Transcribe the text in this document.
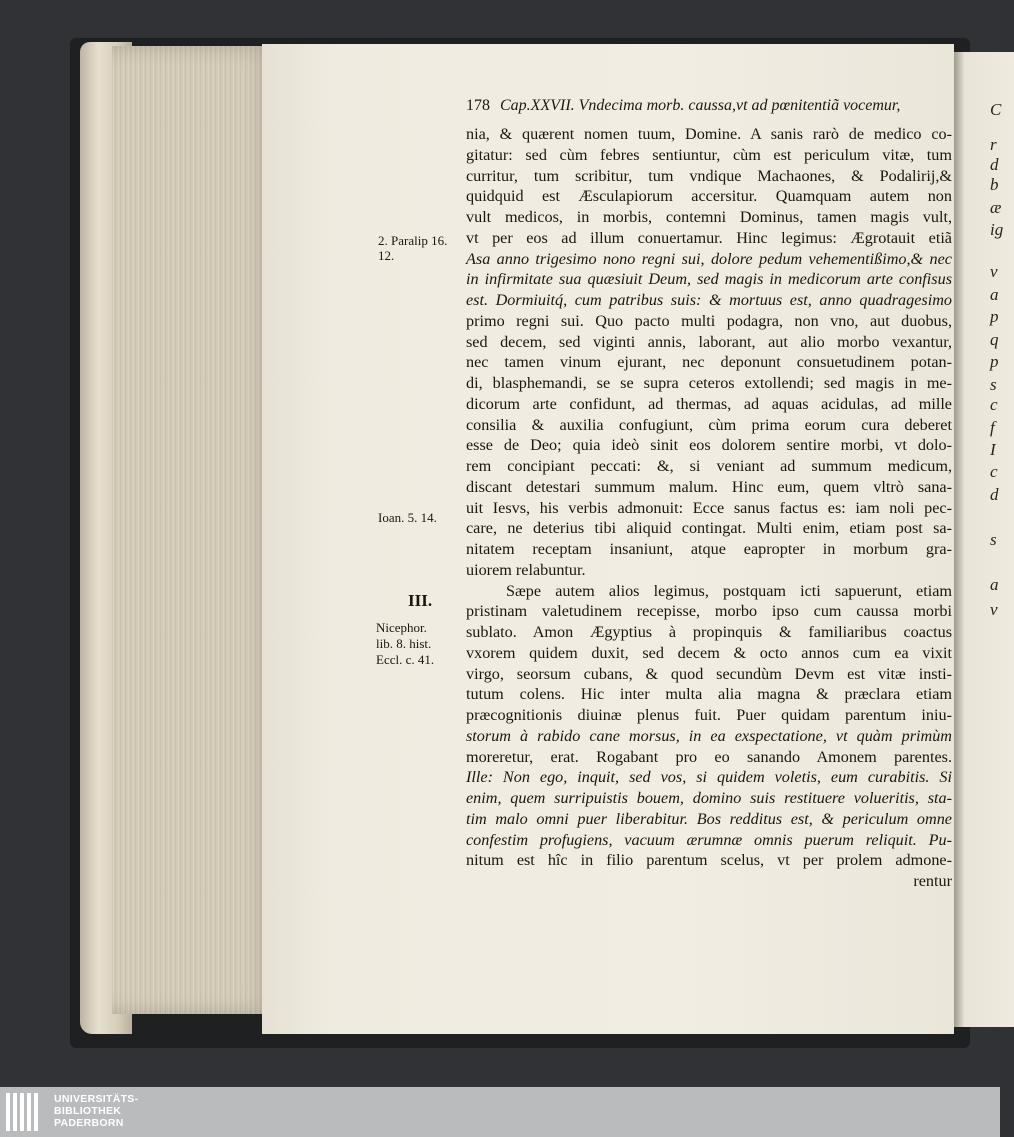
C
r
d
b
æ
ig
v
a
p
q
p
s
c
f
I
c
d
s
a
v
178 Cap.XXVII. Vndecima morb. caussa,vt ad pœnitentiã vocemur,
nia, & quærent nomen tuum, Domine. A sanis rarò de medico co-
gitatur: sed cùm febres sentiuntur, cùm est periculum vitæ, tum
curritur, tum scribitur, tum vndique Machaones, & Podalirij,&
quidquid est Æsculapiorum accersitur. Quamquam autem non
vult medicos, in morbis, contemni Dominus, tamen magis vult,
vt per eos ad illum conuertamur. Hinc legimus: Ægrotauit etiã
Asa anno trigesimo nono regni sui, dolore pedum vehementißimo,& nec
in infirmitate sua quæsiuit Deum, sed magis in medicorum arte confisus
est. Dormiuitq́, cum patribus suis: & mortuus est, anno quadragesimo
primo regni sui. Quo pacto multi podagra, non vno, aut duobus,
sed decem, sed viginti annis, laborant, aut alio morbo vexantur,
nec tamen vinum ejurant, nec deponunt consuetudinem potan-
di, blasphemandi, se se supra ceteros extollendi; sed magis in me-
dicorum arte confidunt, ad thermas, ad aquas acidulas, ad mille
consilia & auxilia confugiunt, cùm prima eorum cura deberet
esse de Deo; quia ideò sinit eos dolorem sentire morbi, vt dolo-
rem concipiant peccati: &, si veniant ad summum medicum,
discant detestari summum malum. Hinc eum, quem vltrò sana-
uit Iesvs, his verbis admonuit: Ecce sanus factus es: iam noli pec-
care, ne deterius tibi aliquid contingat. Multi enim, etiam post sa-
nitatem receptam insaniunt, atque eapropter in morbum gra-
uiorem relabuntur.
Sæpe autem alios legimus, postquam icti sapuerunt, etiam
pristinam valetudinem recepisse, morbo ipso cum caussa morbi
sublato. Amon Ægyptius à propinquis & familiaribus coactus
vxorem quidem duxit, sed decem & octo annos cum ea vixit
virgo, seorsum cubans, & quod secundùm Devm est vitæ insti-
tutum colens. Hic inter multa alia magna & præclara etiam
præcognitionis diuinæ plenus fuit. Puer quidam parentum iniu-
storum à rabido cane morsus, in ea exspectatione, vt quàm primùm
moreretur, erat. Rogabant pro eo sanando Amonem parentes.
Ille: Non ego, inquit, sed vos, si quidem voletis, eum curabitis. Si
enim, quem surripuistis bouem, domino suis restituere volueritis, sta-
tim malo omni puer liberabitur. Bos redditus est, & periculum omne
confestim profugiens, vacuum ærumnæ omnis puerum reliquit. Pu-
nitum est hîc in filio parentum scelus, vt per prolem admone-
rentur
2. Paralip 16.
12.
Ioan. 5. 14.
III.
Nicephor.
lib. 8. hist.
Eccl. c. 41.
UNIVERSITÄTS-
BIBLIOTHEK
PADERBORN
